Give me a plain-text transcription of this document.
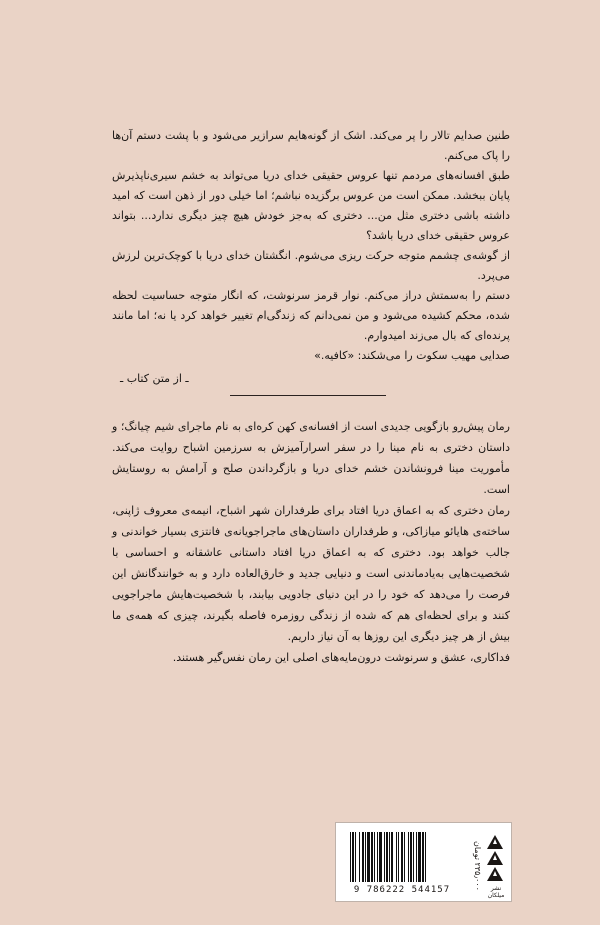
طنین صدایم تالار را پر می‌کند. اشک از گونه‌هایم سرازیر می‌شود و با پشت دستم آن‌ها را پاک می‌کنم.

طبق افسانه‌های مردمم تنها عروس حقیقی خدای دریا می‌تواند به خشم سیری‌ناپذیرش پایان ببخشد. ممکن است من عروس برگزیده نباشم؛ اما خیلی دور از ذهن است که امید داشته باشی دختری مثل من... دختری که به‌جز خودش هیچ چیز دیگری ندارد... بتواند عروس حقیقی خدای دریا باشد؟

از گوشه‌ی چشمم متوجه حرکت ریزی می‌شوم. انگشتان خدای دریا با کوچک‌ترین لرزش می‌پرد.

دستم را به‌سمتش دراز می‌کنم. نوار قرمز سرنوشت، که انگار متوجه حساسیت لحظه شده، محکم کشیده می‌شود و من نمی‌دانم که زندگی‌ام تغییر خواهد کرد یا نه؛ اما مانند پرنده‌ای که بال می‌زند امیدوارم.

صدایی مهیب سکوت را می‌شکند: «کافیه.»

ـ از متن کتاب ـ

رمان پیش‌رو بازگویی جدیدی است از افسانه‌ی کهن کره‌ای به نام ماجرای شیم چیانگ؛ و داستان دختری به نام مینا را در سفر اسرارآمیزش به سرزمین اشباح روایت می‌کند. مأموریت مینا فرونشاندن خشم خدای دریا و بازگرداندن صلح و آرامش به روستایش است.

رمان دختری که به اعماق دریا افتاد برای طرفداران شهر اشباح، انیمه‌ی معروف ژاپنی، ساخته‌ی هایائو میازاکی، و طرفداران داستان‌های ماجراجویانه‌ی فانتزی بسیار خواندنی و جالب خواهد بود. دختری که به اعماق دریا افتاد داستانی عاشقانه و احساسی با شخصیت‌هایی به‌یادماندنی است و دنیایی جدید و خارق‌العاده دارد و به خوانندگانش این فرصت را می‌دهد که خود را در این دنیای جادویی بیابند، با شخصیت‌هایش ماجراجویی کنند و برای لحظه‌ای هم که شده از زندگی روزمره فاصله بگیرند، چیزی که همه‌ی ما بیش از هر چیز دیگری این روزها به آن نیاز داریم.

فداکاری، عشق و سرنوشت درون‌مایه‌های اصلی این رمان نفس‌گیر هستند.

9 786222 544157
۲۳۵٫۰۰۰ تومان	نشر میلکان
